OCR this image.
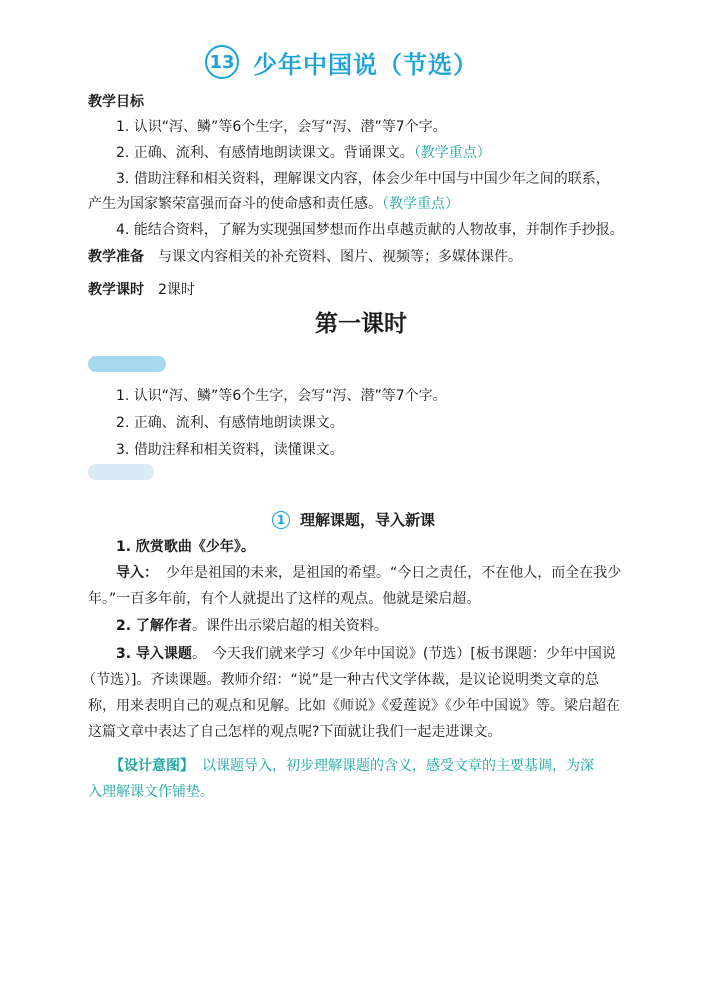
13 少年中国说（节选）
教学目标
1. 认识“泻、鳞”等6个生字，会写“泻、潜”等7个字。
2. 正确、流利、有感情地朗读课文。背诵课文。（教学重点）
3. 借助注释和相关资料，理解课文内容，体会少年中国与中国少年之间的联系，
产生为国家繁荣富强而奋斗的使命感和责任感。（教学重点）
4. 能结合资料，了解为实现强国梦想而作出卓越贡献的人物故事，并制作手抄报。
教学准备 与课文内容相关的补充资料、图片、视频等；多媒体课件。
教学课时 2课时
第一课时
1. 认识“泻、鳞”等6个生字，会写“泻、潜”等7个字。
2. 正确、流利、有感情地朗读课文。
3. 借助注释和相关资料，读懂课文。
1 理解课题，导入新课
1. 欣赏歌曲《少年》。
导入： 少年是祖国的未来，是祖国的希望。“今日之责任，不在他人，而全在我少
年。”一百多年前，有个人就提出了这样的观点。他就是梁启超。
2. 了解作者。课件出示梁启超的相关资料。
3. 导入课题。　今天我们就来学习《少年中国说》(节选）[板书课题：少年中国说
（节选）]。齐读课题。教师介绍：“说”是一种古代文学体裁，是议论说明类文章的总
称，用来表明自己的观点和见解。比如《师说》《爱莲说》《少年中国说》等。梁启超在
这篇文章中表达了自己怎样的观点呢?下面就让我们一起走进课文。
【设计意图】 以课题导入，初步理解课题的含义，感受文章的主要基调，为深
入理解课文作铺垫。
